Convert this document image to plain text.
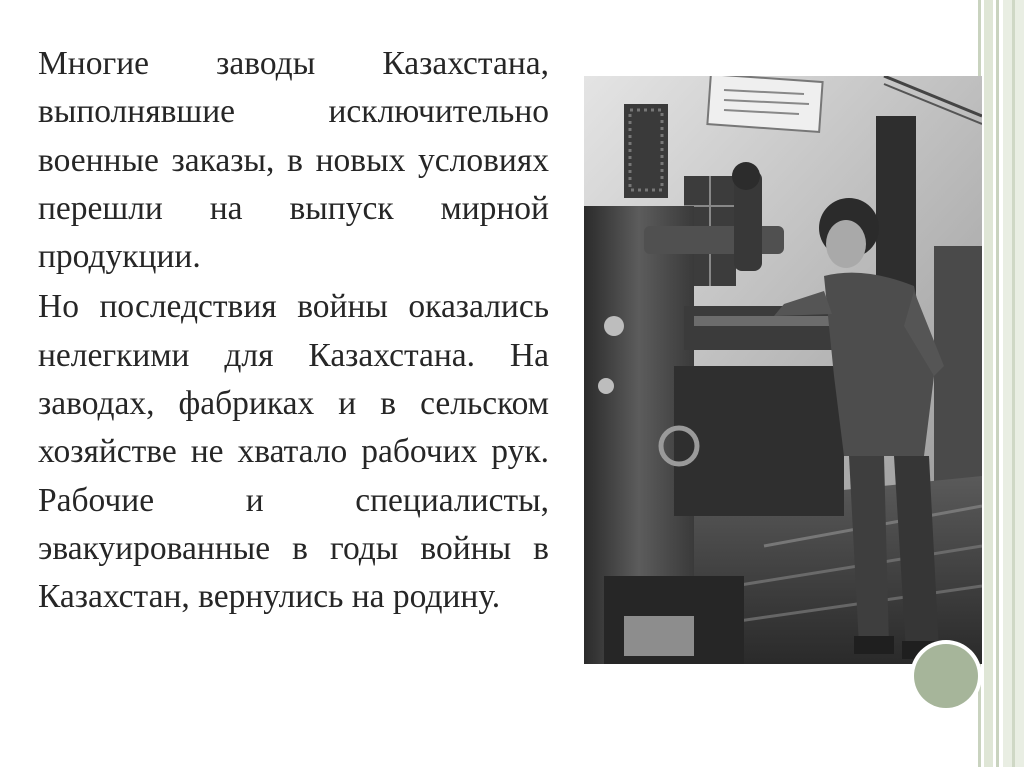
Многие заводы Казахстана, выполнявшие исключительно военные заказы, в новых условиях перешли на выпуск мирной продукции.

Но последствия войны оказались нелегкими для Казахстана. На заводах, фабриках и в сельском хозяйстве не хватало рабочих рук. Рабочие и специалисты, эвакуированные в годы войны в Казахстан, вернулись на родину.
